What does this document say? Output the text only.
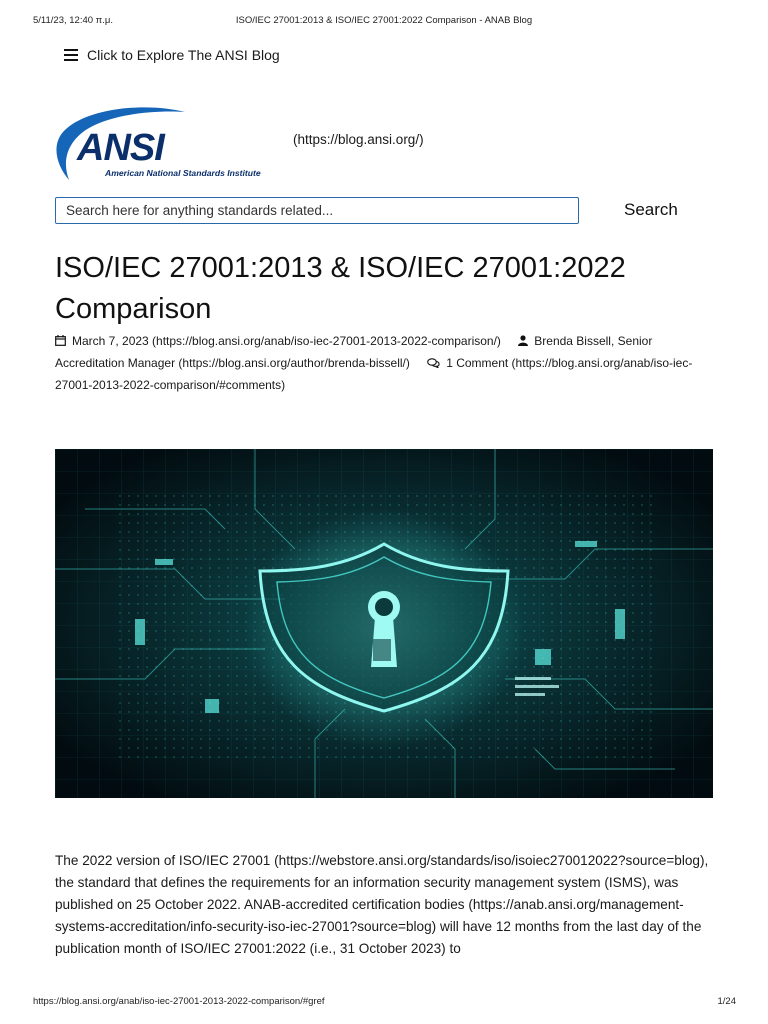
5/11/23, 12:40 π.μ.	ISO/IEC 27001:2013 & ISO/IEC 27001:2022 Comparison - ANAB Blog
Click to Explore The ANSI Blog
ANSI
American National Standards Institute
(https://blog.ansi.org/)
Search here for anything standards related...
Search
ISO/IEC 27001:2013 & ISO/IEC 27001:2022 Comparison
March 7, 2023 (https://blog.ansi.org/anab/iso-iec-27001-2013-2022-comparison/)	Brenda Bissell, Senior Accreditation Manager (https://blog.ansi.org/author/brenda-bissell/)	1 Comment (https://blog.ansi.org/anab/iso-iec-27001-2013-2022-comparison/#comments)

The 2022 version of ISO/IEC 27001 (https://webstore.ansi.org/standards/iso/isoiec270012022?source=blog), the standard that defines the requirements for an information security management system (ISMS), was published on 25 October 2022. ANAB-accredited certification bodies (https://anab.ansi.org/management-systems-accreditation/info-security-iso-iec-27001?source=blog) will have 12 months from the last day of the publication month of ISO/IEC 27001:2022 (i.e., 31 October 2023) to

https://blog.ansi.org/anab/iso-iec-27001-2013-2022-comparison/#gref	1/24
